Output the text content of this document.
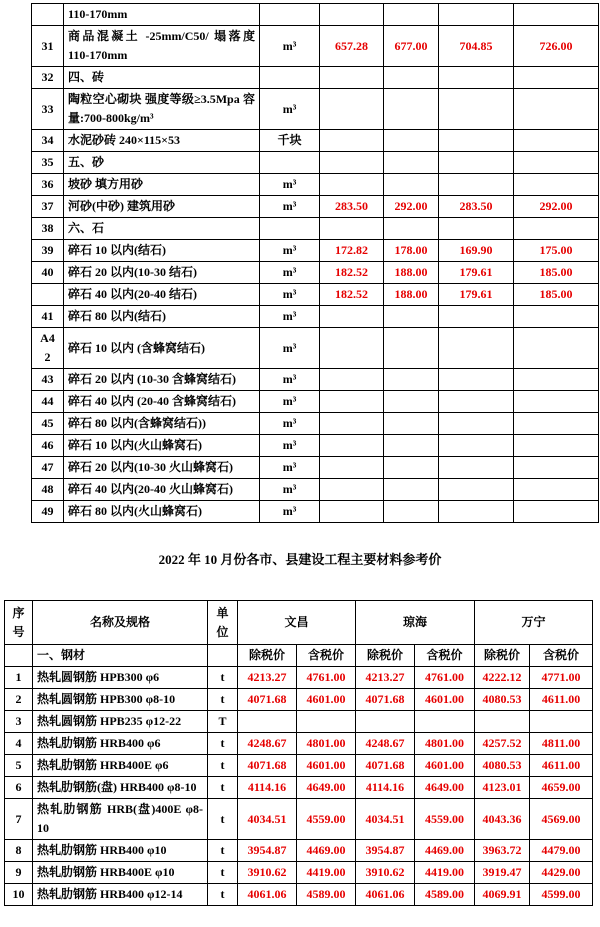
	110-170mm					
31	商品混凝土 -25mm/C50/ 塌落度 110-170mm	m³	657.28	677.00	704.85	726.00
32	四、砖					
33	陶粒空心砌块 强度等级≥3.5Mpa 容量:700-800kg/m³	m³				
34	水泥砂砖 240×115×53	千块				
35	五、砂					
36	坡砂 填方用砂	m³				
37	河砂(中砂) 建筑用砂	m³	283.50	292.00	283.50	292.00
38	六、石					
39	碎石 10 以内(结石)	m³	172.82	178.00	169.90	175.00
40	碎石 20 以内(10-30 结石)	m³	182.52	188.00	179.61	185.00
	碎石 40 以内(20-40 结石)	m³	182.52	188.00	179.61	185.00
41	碎石 80 以内(结石)	m³				
A42	碎石 10 以内 (含蜂窝结石)	m³				
43	碎石 20 以内 (10-30 含蜂窝结石)	m³				
44	碎石 40 以内 (20-40 含蜂窝结石)	m³				
45	碎石 80 以内(含蜂窝结石))	m³				
46	碎石 10 以内(火山蜂窝石)	m³				
47	碎石 20 以内(10-30 火山蜂窝石)	m³				
48	碎石 40 以内(20-40 火山蜂窝石)	m³				
49	碎石 80 以内(火山蜂窝石)	m³				
2022 年 10 月份各市、县建设工程主要材料参考价
序号	名称及规格	单位	文昌		琼海		万宁	
	一、钢材		除税价	含税价	除税价	含税价	除税价	含税价
1	热轧圆钢筋 HPB300 φ6	t	4213.27	4761.00	4213.27	4761.00	4222.12	4771.00
2	热轧圆钢筋 HPB300 φ8-10	t	4071.68	4601.00	4071.68	4601.00	4080.53	4611.00
3	热轧圆钢筋 HPB235 φ12-22	T						
4	热轧肋钢筋 HRB400 φ6	t	4248.67	4801.00	4248.67	4801.00	4257.52	4811.00
5	热轧肋钢筋 HRB400E φ6	t	4071.68	4601.00	4071.68	4601.00	4080.53	4611.00
6	热轧肋钢筋(盘) HRB400 φ8-10	t	4114.16	4649.00	4114.16	4649.00	4123.01	4659.00
7	热轧肋钢筋 HRB(盘)400E φ8-10	t	4034.51	4559.00	4034.51	4559.00	4043.36	4569.00
8	热轧肋钢筋 HRB400 φ10	t	3954.87	4469.00	3954.87	4469.00	3963.72	4479.00
9	热轧肋钢筋 HRB400E φ10	t	3910.62	4419.00	3910.62	4419.00	3919.47	4429.00
10	热轧肋钢筋 HRB400 φ12-14	t	4061.06	4589.00	4061.06	4589.00	4069.91	4599.00
